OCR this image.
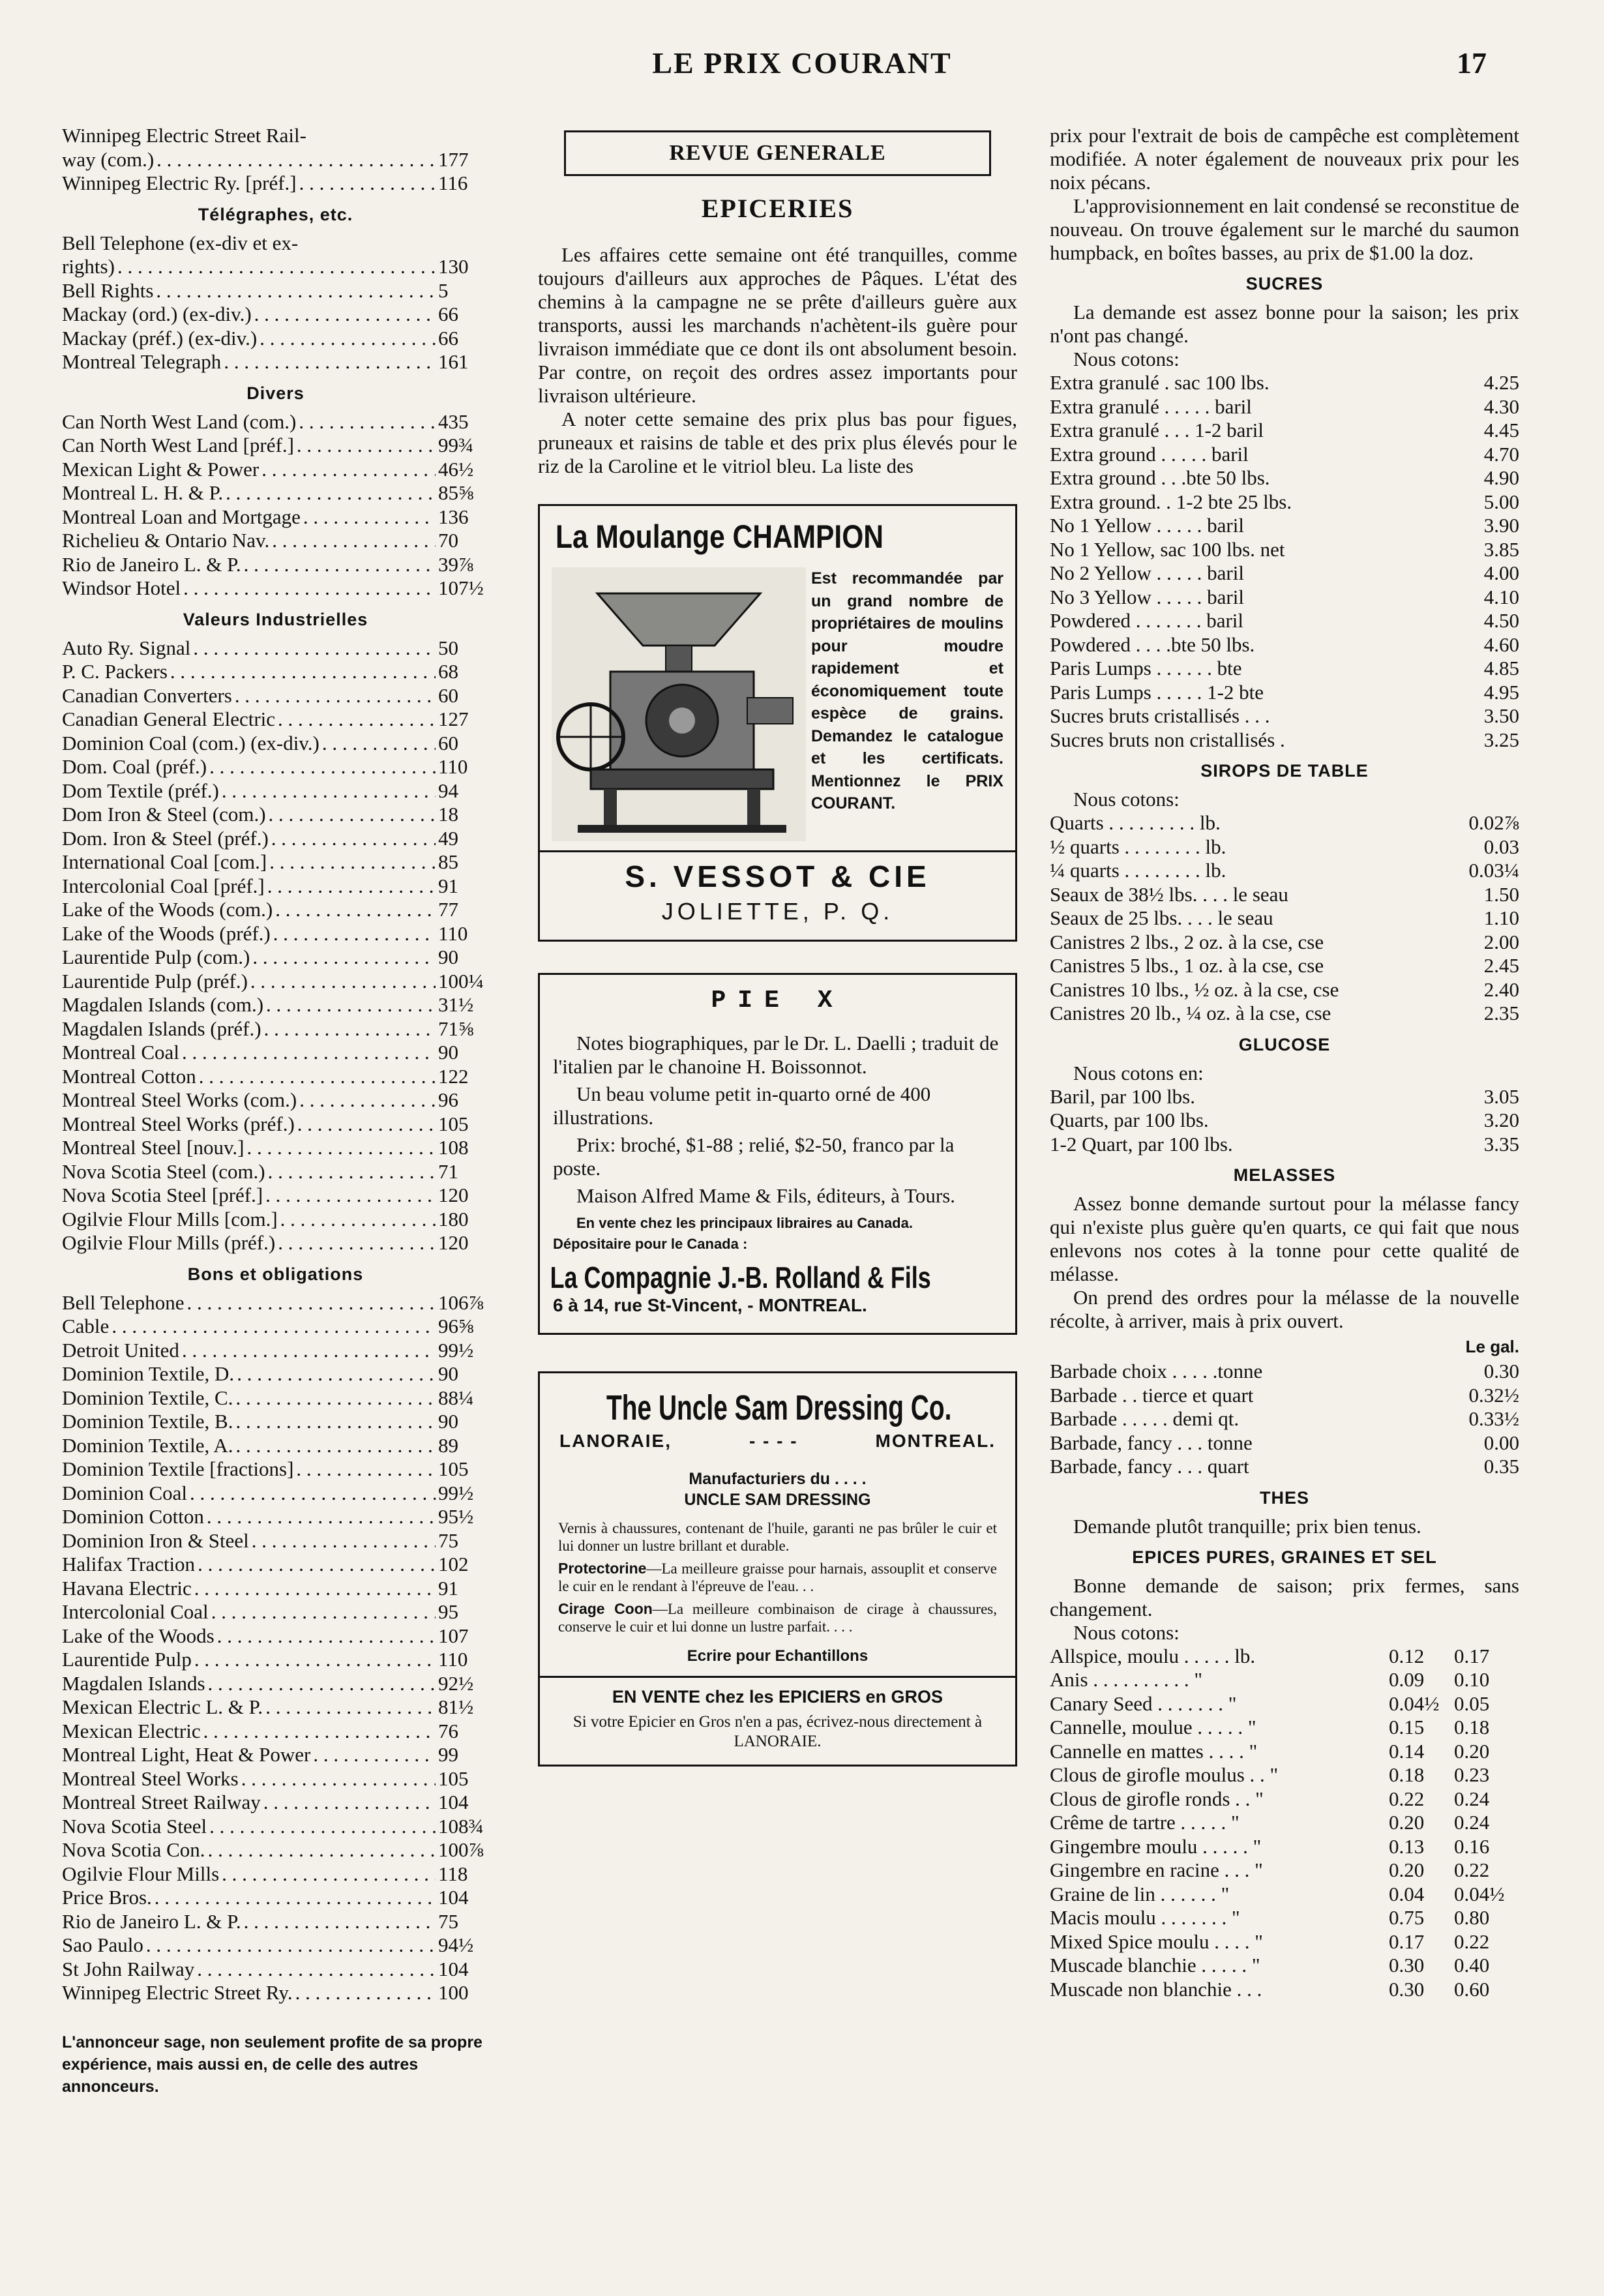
LE PRIX COURANT	17
Winnipeg Electric Street Rail-
way (com.) . . .	177
Winnipeg Electric Ry. [préf.] . . .	116
Télégraphes, etc.
Bell Telephone (ex-div et ex-
rights) . . .	130
Bell Rights . . .	5
Mackay (ord.) (ex-div.) . . .	66
Mackay (préf.) (ex-div.) . . .	66
Montreal Telegraph . . .	161
Divers
Can North West Land (com.) . . .	435
Can North West Land [préf.] . . .	99¾
Mexican Light & Power . . .	46½
Montreal L. H. & P. . . .	85⅝
Montreal Loan and Mortgage . . .	136
Richelieu & Ontario Nav. . . .	70
Rio de Janeiro L. & P. . . .	39⅞
Windsor Hotel . . .	107½
Valeurs Industrielles
Auto Ry. Signal . . .	50
P. C. Packers . . .	68
Canadian Converters . . .	60
Canadian General Electric . . .	127
Dominion Coal (com.) (ex-div.) . . .	60
Dom. Coal (préf.) . . .	110
Dom Textile (préf.) . . .	94
Dom Iron & Steel (com.) . . .	18
Dom. Iron & Steel (préf.) . . .	49
International Coal [com.] . . .	85
Intercolonial Coal [préf.] . . .	91
Lake of the Woods (com.) . . .	77
Lake of the Woods (préf.) . . .	110
Laurentide Pulp (com.) . . .	90
Laurentide Pulp (préf.) . . .	100¼
Magdalen Islands (com.) . . .	31½
Magdalen Islands (préf.) . . .	71⅝
Montreal Coal . . .	90
Montreal Cotton . . .	122
Montreal Steel Works (com.) . . .	96
Montreal Steel Works (préf.) . . .	105
Montreal Steel [nouv.] . . .	108
Nova Scotia Steel (com.) . . .	71
Nova Scotia Steel [préf.] . . .	120
Ogilvie Flour Mills [com.] . . .	180
Ogilvie Flour Mills (préf.) . . .	120
Bons et obligations
Bell Telephone . . .	106⅞
Cable . . .	96⅝
Detroit United . . .	99½
Dominion Textile, D. . . .	90
Dominion Textile, C. . . .	88¼
Dominion Textile, B. . . .	90
Dominion Textile, A. . . .	89
Dominion Textile [fractions] . . .	105
Dominion Coal . . .	99½
Dominion Cotton . . .	95½
Dominion Iron & Steel . . .	75
Halifax Traction . . .	102
Havana Electric . . .	91
Intercolonial Coal . . .	95
Lake of the Woods . . .	107
Laurentide Pulp . . .	110
Magdalen Islands . . .	92½
Mexican Electric L. & P. . . .	81½
Mexican Electric . . .	76
Montreal Light, Heat & Power . . .	99
Montreal Steel Works . . .	105
Montreal Street Railway . . .	104
Nova Scotia Steel . . .	108¾
Nova Scotia Con. . . .	100⅞
Ogilvie Flour Mills . . .	118
Price Bros. . . .	104
Rio de Janeiro L. & P. . . .	75
Sao Paulo . . .	94½
St John Railway . . .	104
Winnipeg Electric Street Ry. . . .	100
L'annonceur sage, non seulement profite de sa propre expérience, mais aussi en, de celle des autres annonceurs.
REVUE GENERALE
EPICERIES
Les affaires cette semaine ont été tranquilles, comme toujours d'ailleurs aux approches de Pâques. L'état des chemins à la campagne ne se prête d'ailleurs guère aux transports, aussi les marchands n'achètent-ils guère pour livraison immédiate que ce dont ils ont absolument besoin. Par contre, on reçoit des ordres assez importants pour livraison ultérieure.
A noter cette semaine des prix plus bas pour figues, pruneaux et raisins de table et des prix plus élevés pour le riz de la Caroline et le vitriol bleu. La liste des
La Moulange CHAMPION
Est recommandée par un grand nombre de propriétaires de moulins pour moudre rapidement et économiquement toute espèce de grains. Demandez le catalogue et les certificats. Mentionnez le PRIX COURANT.
S. VESSOT & CIE
JOLIETTE, P. Q.
PIE X
Notes biographiques, par le Dr. L. Daelli ; traduit de l'italien par le chanoine H. Boissonnot.
Un beau volume petit in-quarto orné de 400 illustrations.
Prix: broché, $1-88 ; relié, $2-50, franco par la poste.
Maison Alfred Mame & Fils, éditeurs, à Tours.
En vente chez les principaux libraires au Canada.
Dépositaire pour le Canada :
La Compagnie J.-B. Rolland & Fils
6 à 14, rue St-Vincent, - MONTREAL.
The Uncle Sam Dressing Co.
LANORAIE,	- - - -	MONTREAL.
Manufacturiers du . . . .
UNCLE SAM DRESSING
Vernis à chaussures, contenant de l'huile, garanti ne pas brûler le cuir et lui donner un lustre brillant et durable.
Protectorine—La meilleure graisse pour harnais, assouplit et conserve le cuir en le rendant à l'épreuve de l'eau. . .
Cirage Coon—La meilleure combinaison de cirage à chaussures, conserve le cuir et lui donne un lustre parfait. . . .
Ecrire pour Echantillons
EN VENTE chez les EPICIERS en GROS
Si votre Epicier en Gros n'en a pas, écrivez-nous directement à LANORAIE.
prix pour l'extrait de bois de campêche est complètement modifiée. A noter également de nouveaux prix pour les noix pécans.
L'approvisionnement en lait condensé se reconstitue de nouveau. On trouve également sur le marché du saumon humpback, en boîtes basses, au prix de $1.00 la doz.
SUCRES
La demande est assez bonne pour la saison; les prix n'ont pas changé.
Nous cotons:
Extra granulé . sac 100 lbs.	4.25
Extra granulé . . . . . baril	4.30
Extra granulé . . . 1-2 baril	4.45
Extra ground . . . . . baril	4.70
Extra ground . . .bte 50 lbs.	4.90
Extra ground. . 1-2 bte 25 lbs.	5.00
No 1 Yellow . . . . . baril	3.90
No 1 Yellow, sac 100 lbs. net	3.85
No 2 Yellow . . . . . baril	4.00
No 3 Yellow . . . . . baril	4.10
Powdered . . . . . . . baril	4.50
Powdered . . . .bte 50 lbs.	4.60
Paris Lumps . . . . . . bte	4.85
Paris Lumps . . . . . 1-2 bte	4.95
Sucres bruts cristallisés . . .	3.50
Sucres bruts non cristallisés .	3.25
SIROPS DE TABLE
Nous cotons:
Quarts . . . . . . . . . lb.	0.02⅞
½ quarts . . . . . . . . lb.	0.03
¼ quarts . . . . . . . . lb.	0.03¼
Seaux de 38½ lbs. . . . le seau	1.50
Seaux de 25 lbs. . . . le seau	1.10
Canistres 2 lbs., 2 oz. à la cse, cse	2.00
Canistres 5 lbs., 1 oz. à la cse, cse	2.45
Canistres 10 lbs., ½ oz. à la cse, cse	2.40
Canistres 20 lb., ¼ oz. à la cse, cse	2.35
GLUCOSE
Nous cotons en:
Baril, par 100 lbs.	3.05
Quarts, par 100 lbs.	3.20
1-2 Quart, par 100 lbs.	3.35
MELASSES
Assez bonne demande surtout pour la mélasse fancy qui n'existe plus guère qu'en quarts, ce qui fait que nous enlevons nos cotes à la tonne pour cette qualité de mélasse.
On prend des ordres pour la mélasse de la nouvelle récolte, à arriver, mais à prix ouvert.
Le gal.
Barbade choix . . . . .tonne	0.30
Barbade . . tierce et quart	0.32½
Barbade . . . . . demi qt.	0.33½
Barbade, fancy . . . tonne	0.00
Barbade, fancy . . . quart	0.35
THES
Demande plutôt tranquille; prix bien tenus.
EPICES PURES, GRAINES ET SEL
Bonne demande de saison; prix fermes, sans changement.
Nous cotons:
Allspice, moulu . . . . . lb.	0.12	0.17
Anis . . . . . . . . . . "	0.09	0.10
Canary Seed . . . . . . . "	0.04½ 0.05
Cannelle, moulue . . . . . "	0.15	0.18
Cannelle en mattes . . . . "	0.14	0.20
Clous de girofle moulus . . "	0.18	0.23
Clous de girofle ronds . . "	0.22	0.24
Crême de tartre . . . . . "	0.20	0.24
Gingembre moulu . . . . . "	0.13	0.16
Gingembre en racine . . . "	0.20	0.22
Graine de lin . . . . . . "	0.04	0.04½
Macis moulu . . . . . . . "	0.75	0.80
Mixed Spice moulu . . . . "	0.17	0.22
Muscade blanchie . . . . . "	0.30	0.40
Muscade non blanchie . . .	0.30	0.60
